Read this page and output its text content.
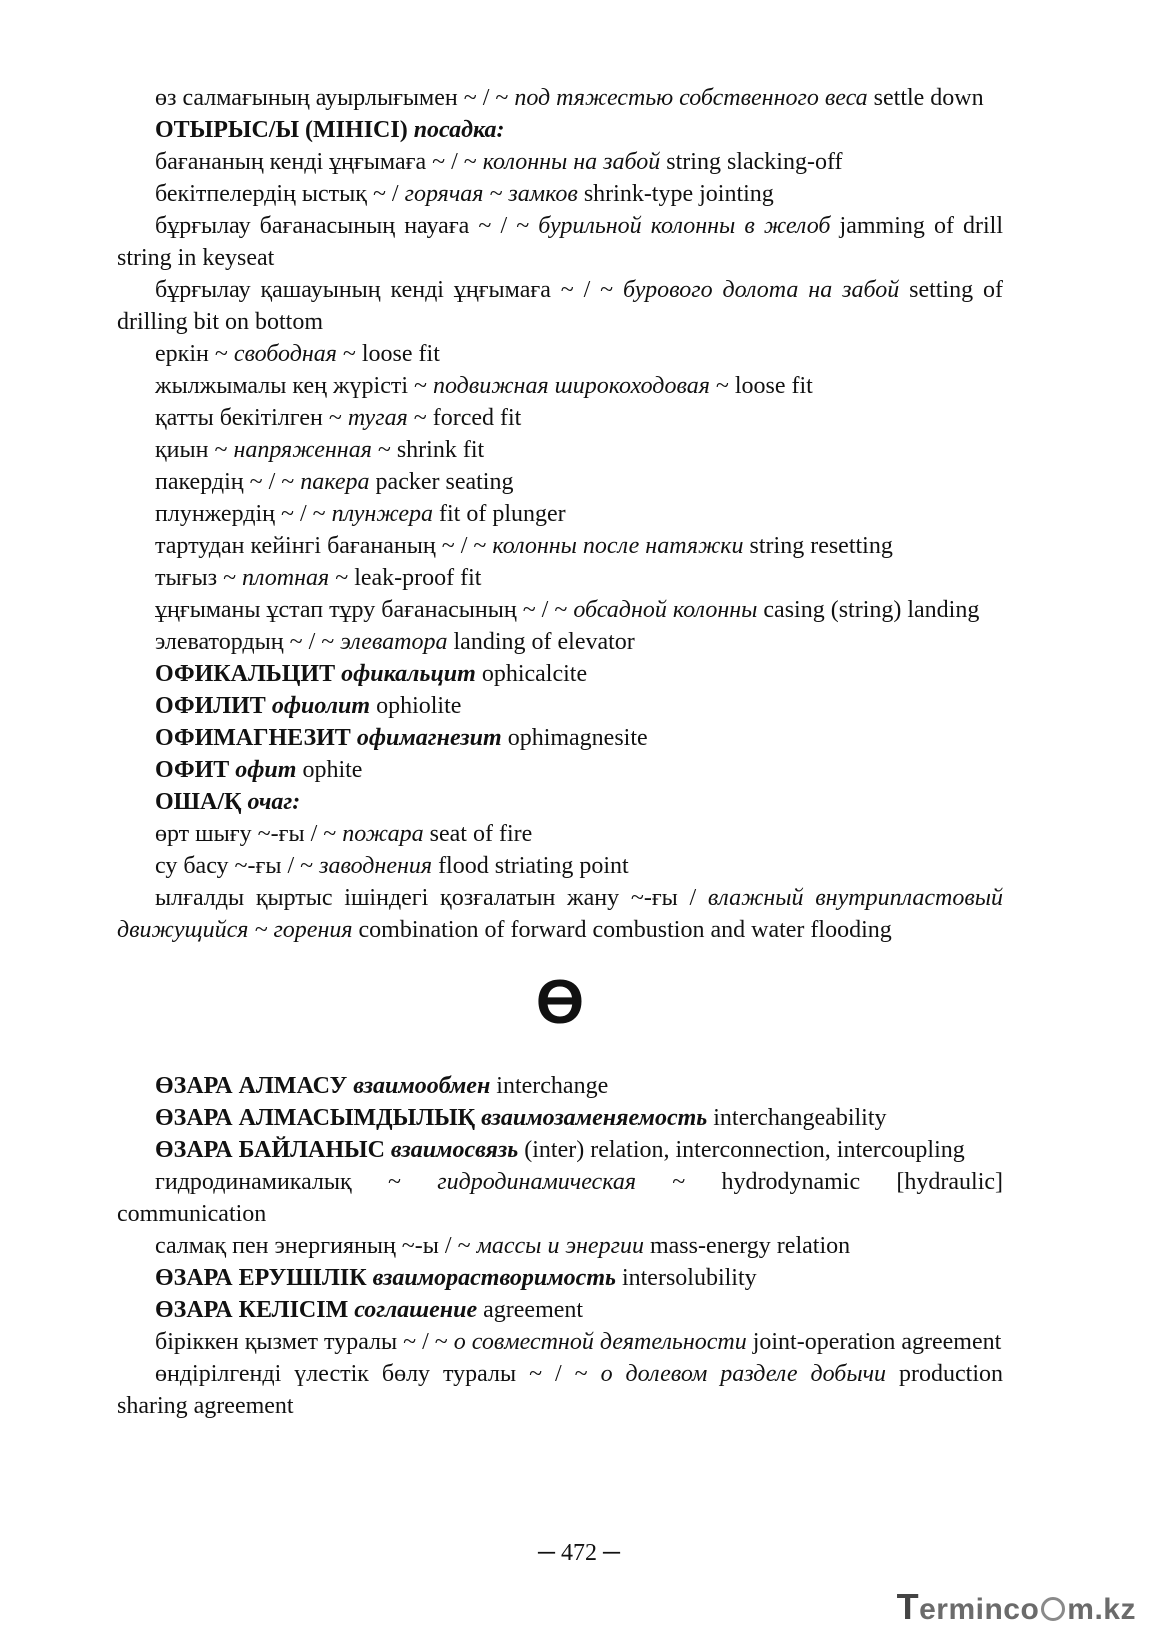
өз салмағының ауырлығымен ~ / ~ под тяжестью собственного веса settle down

ОТЫРЫС/Ы (МІНІСІ) посадка:

бағананың кенді ұңғымаға ~ / ~ колонны на забой string slacking-off

бекітпелердің ыстық ~ / горячая ~ замков shrink-type jointing

бұрғылау бағанасының науаға ~ / ~ бурильной колонны в желоб jamming of drill string in keyseat

бұрғылау қашауының кенді ұңғымаға ~ / ~ бурового долота на забой setting of drilling bit on bottom

еркін ~ свободная ~ loose fit

жылжымалы кең жүрісті ~ подвижная широкоходовая ~ loose fit

қатты бекітілген ~ тугая ~ forced fit

қиын ~ напряженная ~ shrink fit

пакердің ~ / ~ пакера packer seating

плунжердің ~ / ~ плунжера fit of plunger

тартудан кейінгі бағананың ~ / ~ колонны после натяжки string resetting

тығыз ~ плотная ~ leak-proof fit

ұңғыманы ұстап тұру бағанасының ~ / ~ обсадной колонны casing (string) landing

элеватордың ~ / ~ элеватора landing of elevator

ОФИКАЛЬЦИТ офикальцит ophicalcite

ОФИЛИТ офиолит ophiolite

ОФИМАГНЕЗИТ офимагнезит ophimagnesite

ОФИТ офит ophite

ОША/Қ очаг:

өрт шығу ~-ғы / ~ пожара seat of fire

су басу ~-ғы / ~ заводнения flood striating point

ылғалды қыртыс ішіндегі қозғалатын жану ~-ғы / влажный внутрипластовый движущийся ~ горения combination of forward combustion and water flooding

Ө

ӨЗАРА АЛМАСУ взаимообмен interchange

ӨЗАРА АЛМАСЫМДЫЛЫҚ взаимозаменяемость interchangeability

ӨЗАРА БАЙЛАНЫС взаимосвязь (inter) relation, interconnection, intercoupling

гидродинамикалық ~ гидродинамическая ~ hydrodynamic [hydraulic] communication

салмақ пен энергияның ~-ы / ~ массы и энергии mass-energy relation

ӨЗАРА ЕРУШІЛІК взаиморастворимость intersolubility

ӨЗАРА КЕЛІСІМ соглашение agreement

біріккен қызмет туралы ~ / ~ о совместной деятельности joint-operation agreement

өндірілгенді үлестік бөлу туралы ~ / ~ о долевом разделе добычи production sharing agreement

─ 472 ─
Termincо m.kz
